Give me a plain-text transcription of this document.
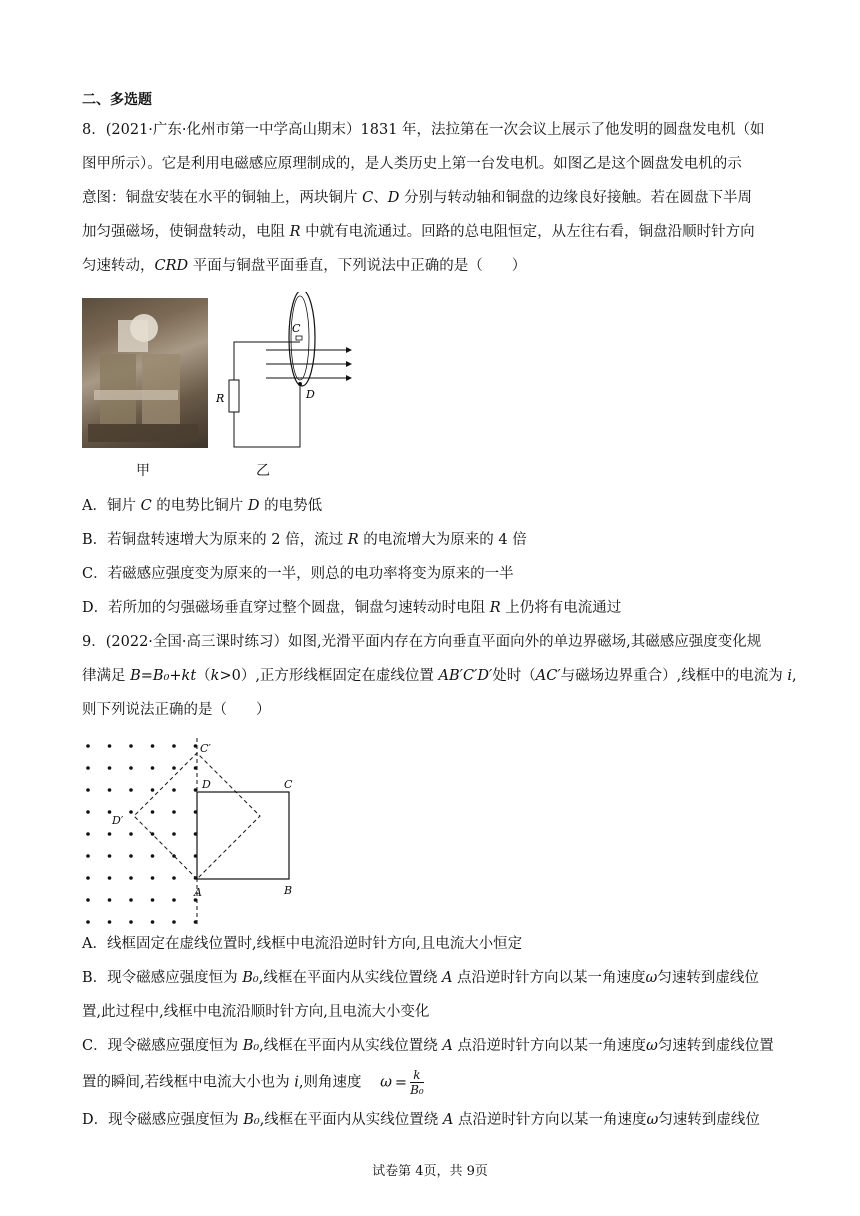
二、多选题
8．(2021·广东·化州市第一中学高山期末）1831 年，法拉第在一次会议上展示了他发明的圆盘发电机（如
图甲所示）。它是利用电磁感应原理制成的，是人类历史上第一台发电机。如图乙是这个圆盘发电机的示
意图：铜盘安装在水平的铜轴上，两块铜片 C、D 分别与转动轴和铜盘的边缘良好接触。若在圆盘下半周
加匀强磁场，使铜盘转动，电阻 R 中就有电流通过。回路的总电阻恒定，从左往右看，铜盘沿顺时针方向
匀速转动，CRD 平面与铜盘平面垂直，下列说法中正确的是（　　）
甲
C
D
R
乙
A．铜片 C 的电势比铜片 D 的电势低
B．若铜盘转速增大为原来的 2 倍，流过 R 的电流增大为原来的 4 倍
C．若磁感应强度变为原来的一半，则总的电功率将变为原来的一半
D．若所加的匀强磁场垂直穿过整个圆盘，铜盘匀速转动时电阻 R 上仍将有电流通过
9．(2022·全国·高三课时练习）如图,光滑平面内存在方向垂直平面向外的单边界磁场,其磁感应强度变化规
律满足 B=B₀+kt（k>0）,正方形线框固定在虚线位置 AB′C′D′处时（AC′与磁场边界重合）,线框中的电流为 i,
则下列说法正确的是（　　）
C′
D	C
D′
A	B
A．线框固定在虚线位置时,线框中电流沿逆时针方向,且电流大小恒定
B．现令磁感应强度恒为 B₀,线框在平面内从实线位置绕 A 点沿逆时针方向以某一角速度ω匀速转到虚线位
置,此过程中,线框中电流沿顺时针方向,且电流大小变化
C．现令磁感应强度恒为 B₀,线框在平面内从实线位置绕 A 点沿逆时针方向以某一角速度ω匀速转到虚线位置
置的瞬间,若线框中电流大小也为 i,则角速度 $\omega = \frac{k}{\text{B₀}}$
D．现令磁感应强度恒为 B₀,线框在平面内从实线位置绕 A 点沿逆时针方向以某一角速度ω匀速转到虚线位
试卷第 4页，共 9页
